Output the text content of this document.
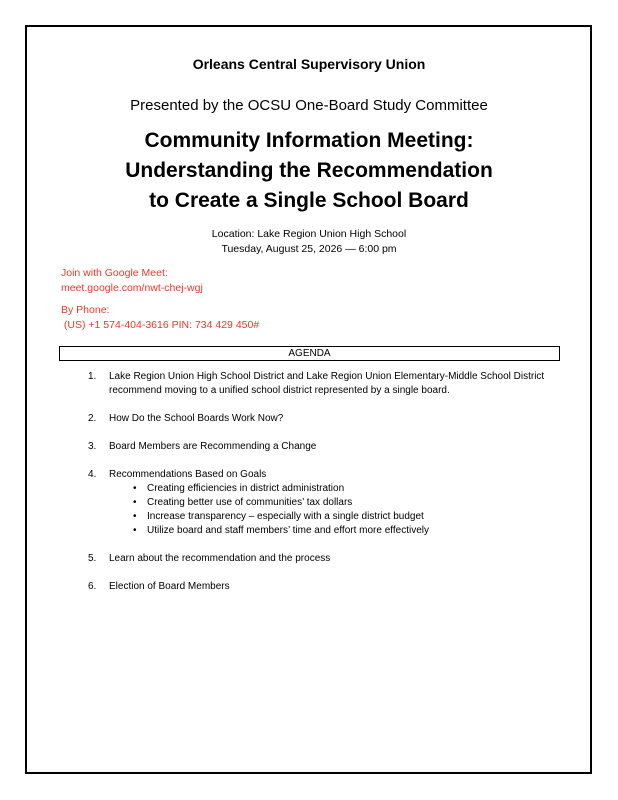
Orleans Central Supervisory Union
Presented by the OCSU One-Board Study Committee
Community Information Meeting:
Understanding the Recommendation
to Create a Single School Board
Location: Lake Region Union High School
Tuesday, August 25, 2026 — 6:00 pm
Join with Google Meet:
meet.google.com/nwt-chej-wgj
By Phone:
(US) +1 574-404-3616 PIN: 734 429 450#
AGENDA
1. Lake Region Union High School District and Lake Region Union Elementary-Middle School District
recommend moving to a unified school district represented by a single board.
2. How Do the School Boards Work Now?
3. Board Members are Recommending a Change
4. Recommendations Based on Goals
• Creating efficiencies in district administration
• Creating better use of communities’ tax dollars
• Increase transparency – especially with a single district budget
• Utilize board and staff members’ time and effort more effectively
5. Learn about the recommendation and the process
6. Election of Board Members
